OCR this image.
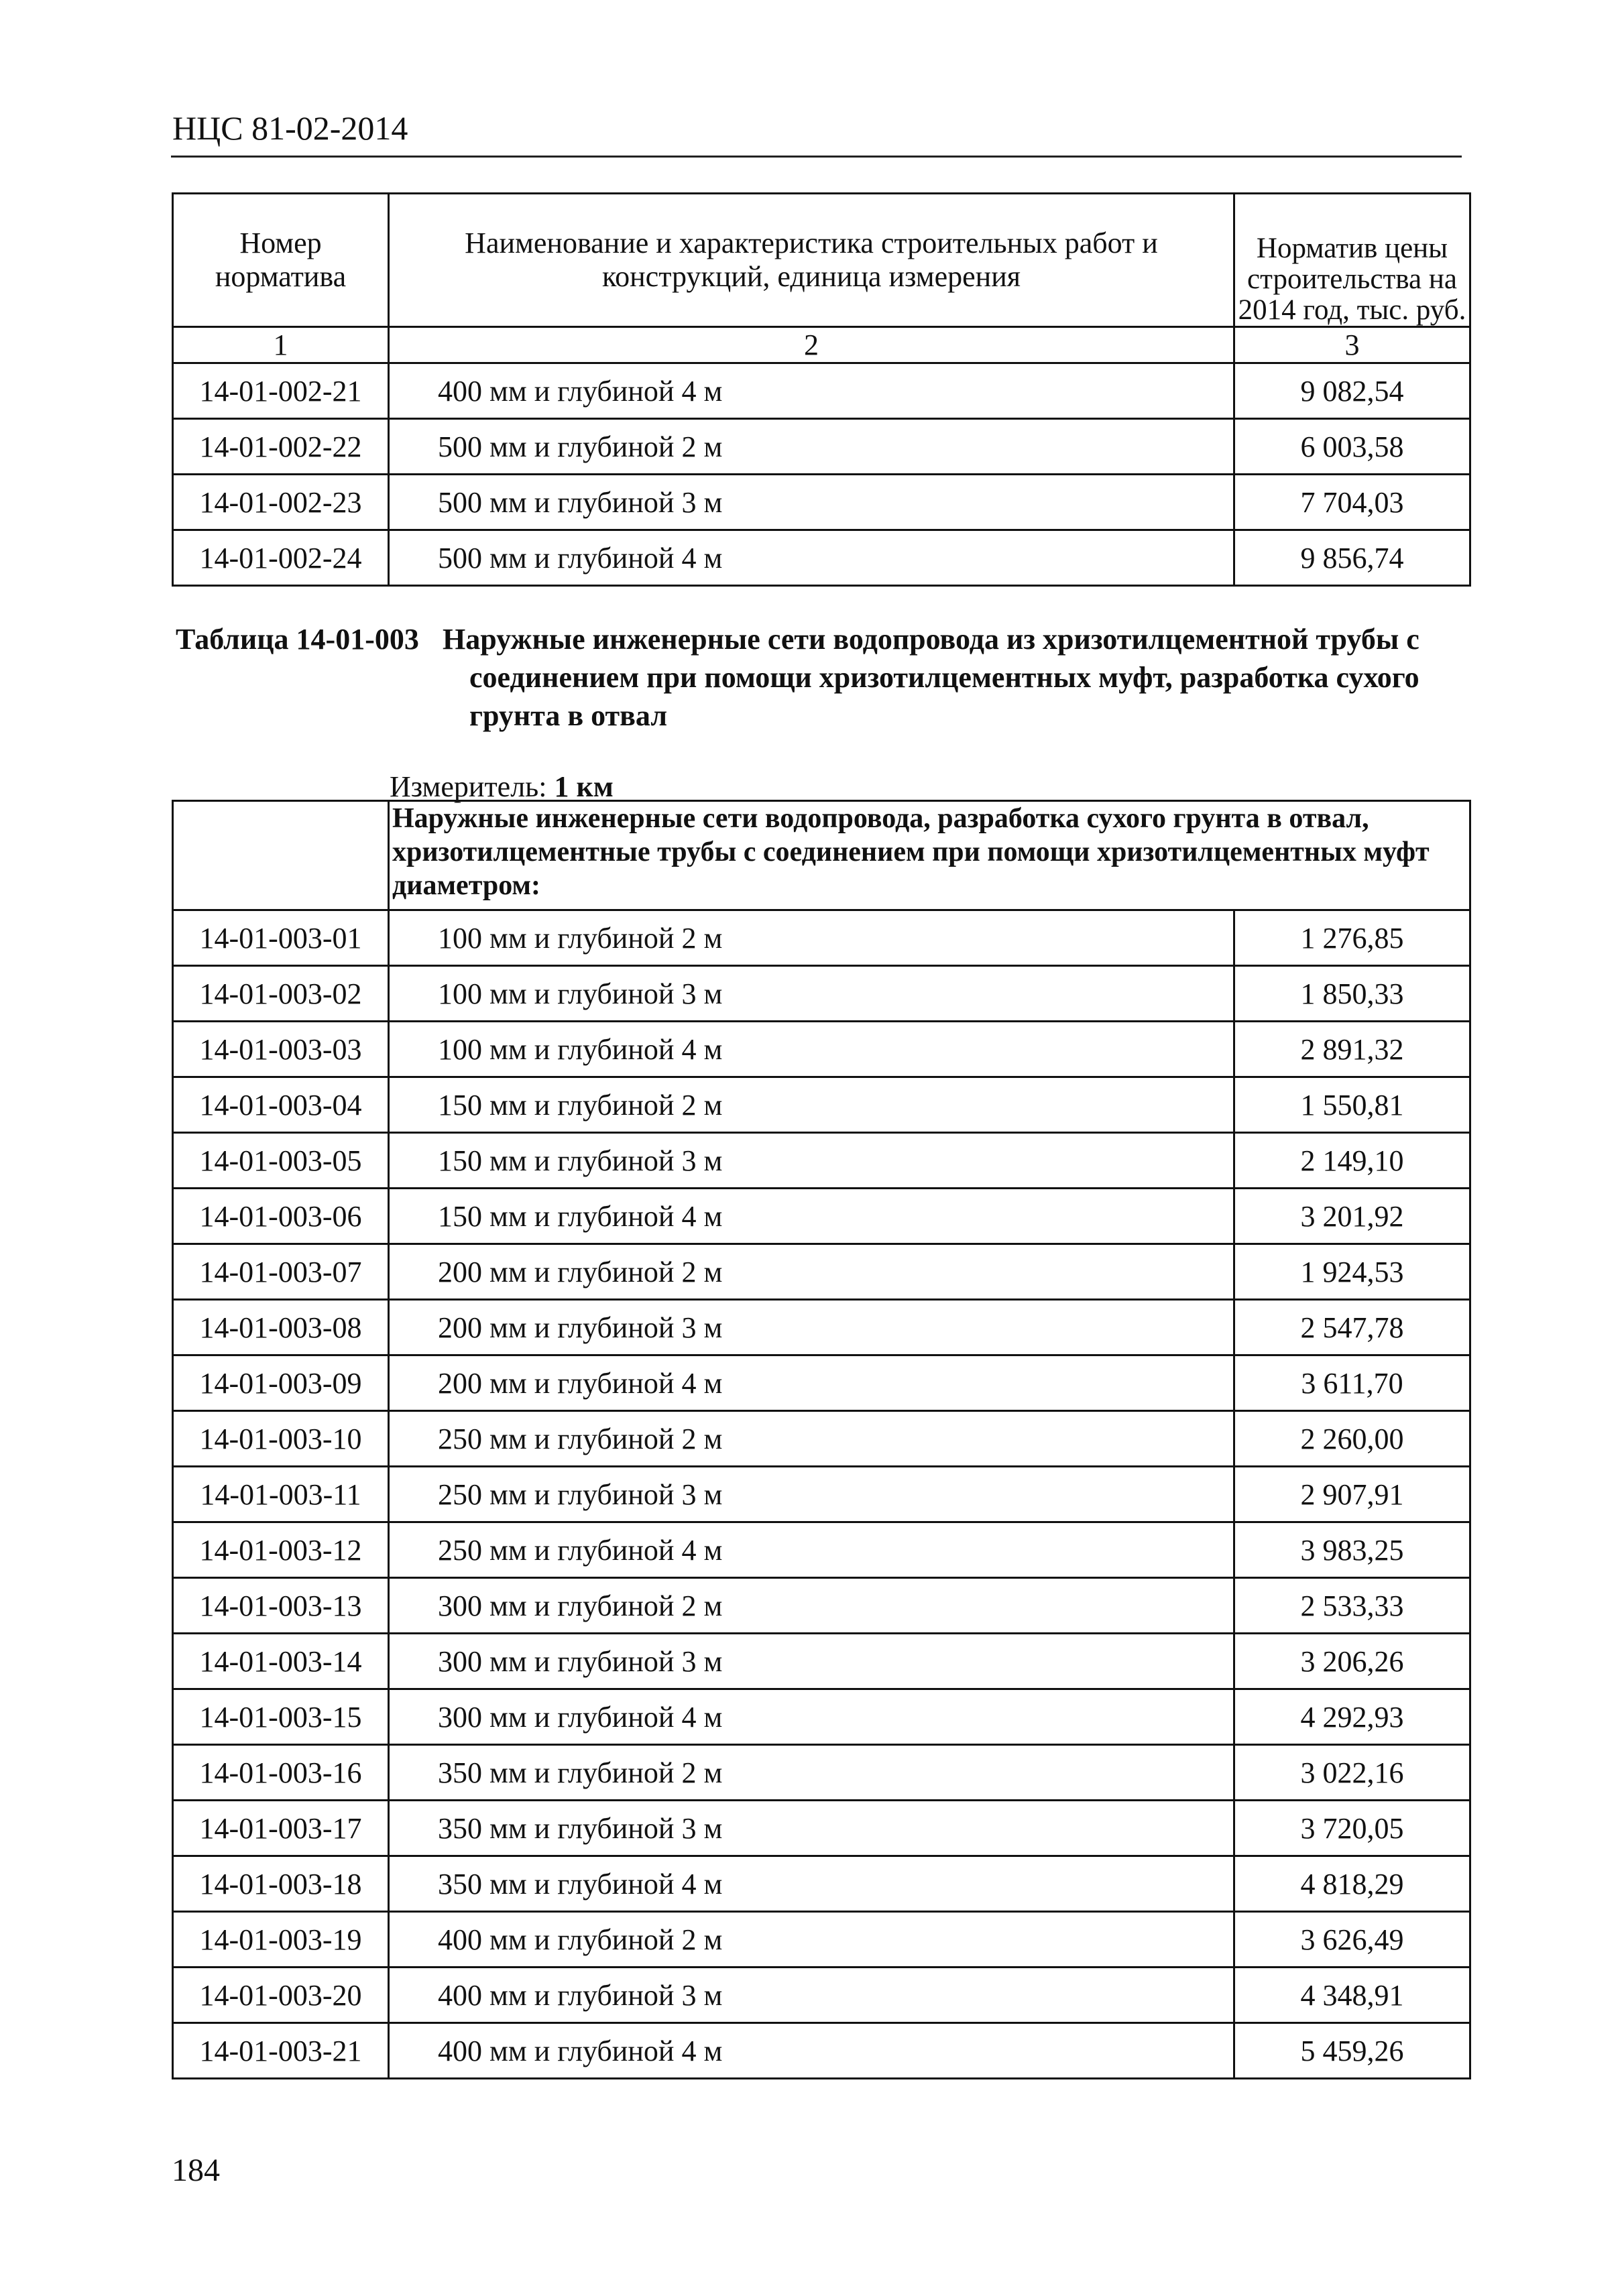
НЦС 81-02-2014
Номер норматива	Наименование и характеристика строительных работ и конструкций, единица измерения	Норматив цены строительства на 2014 год, тыс. руб.
1	2	3
14-01-002-21	400 мм и глубиной 4 м	9 082,54
14-01-002-22	500 мм и глубиной 2 м	6 003,58
14-01-002-23	500 мм и глубиной 3 м	7 704,03
14-01-002-24	500 мм и глубиной 4 м	9 856,74
Таблица 14-01-003 Наружные инженерные сети водопровода из хризотилцементной трубы с соединением при помощи хризотилцементных муфт, разработка сухого грунта в отвал
Измеритель: 1 км
	Наружные инженерные сети водопровода, разработка сухого грунта в отвал, хризотилцементные трубы с соединением при помощи хризотилцементных муфт диаметром:	
14-01-003-01	100 мм и глубиной 2 м	1 276,85
14-01-003-02	100 мм и глубиной 3 м	1 850,33
14-01-003-03	100 мм и глубиной 4 м	2 891,32
14-01-003-04	150 мм и глубиной 2 м	1 550,81
14-01-003-05	150 мм и глубиной 3 м	2 149,10
14-01-003-06	150 мм и глубиной 4 м	3 201,92
14-01-003-07	200 мм и глубиной 2 м	1 924,53
14-01-003-08	200 мм и глубиной 3 м	2 547,78
14-01-003-09	200 мм и глубиной 4 м	3 611,70
14-01-003-10	250 мм и глубиной 2 м	2 260,00
14-01-003-11	250 мм и глубиной 3 м	2 907,91
14-01-003-12	250 мм и глубиной 4 м	3 983,25
14-01-003-13	300 мм и глубиной 2 м	2 533,33
14-01-003-14	300 мм и глубиной 3 м	3 206,26
14-01-003-15	300 мм и глубиной 4 м	4 292,93
14-01-003-16	350 мм и глубиной 2 м	3 022,16
14-01-003-17	350 мм и глубиной 3 м	3 720,05
14-01-003-18	350 мм и глубиной 4 м	4 818,29
14-01-003-19	400 мм и глубиной 2 м	3 626,49
14-01-003-20	400 мм и глубиной 3 м	4 348,91
14-01-003-21	400 мм и глубиной 4 м	5 459,26
184
